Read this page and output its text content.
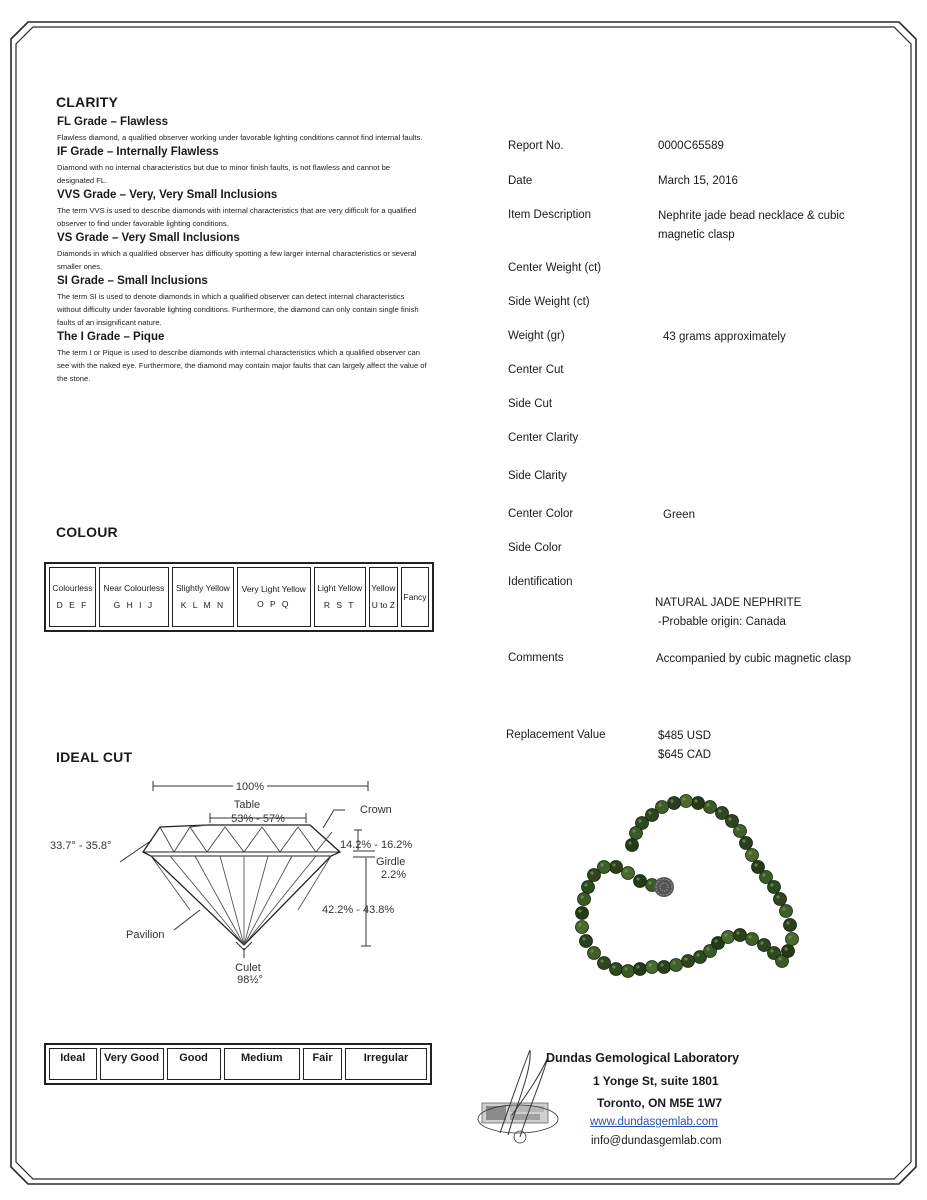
CLARITY
FL Grade – Flawless
Flawless diamond, a qualified observer working under favorable lighting conditions cannot find internal faults.
IF Grade – Internally Flawless
Diamond with no internal characteristics but due to minor finish faults, is not flawless and cannot be designated FL.
VVS Grade – Very, Very Small Inclusions
The term VVS is used to describe diamonds with internal characteristics that are very difficult for a qualified observer to find under favorable lighting conditions.
VS Grade – Very Small Inclusions
Diamonds in which a qualified observer has difficulty spotting a few larger internal characteristics or several smaller ones.
SI Grade – Small Inclusions
The term SI is used to denote diamonds in which a qualified observer can detect internal characteristics without difficulty under favorable lighting conditions. Furthermore, the diamond can only contain single finish faults of an insignificant nature.
The I Grade – Pique
The term I or Pique is used to describe diamonds with internal characteristics which a qualified observer can see with the naked eye. Furthermore, the diamond may contain major faults that can largely affect the value of the stone.
COLOUR
Colourless
D E F

Near Colourless
G H I J

Slightly Yellow
K L M N

Very Light Yellow
O P Q

Light Yellow
R S T

Yellow
U to Z

Fancy
IDEAL CUT
100%
Table
53% - 57%
Crown
33.7° - 35.8°	14.2% - 16.2%
Girdle
2.2%
42.2% - 43.8%
Pavilion
Culet
98½°
Ideal	Very Good	Good	Medium	Fair	Irregular
Report No.	0000C65589
Date	March 15, 2016
Item Description	Nephrite jade bead necklace & cubic magnetic clasp
Center Weight (ct)
Side Weight (ct)
Weight (gr)	43 grams approximately
Center Cut
Side Cut
Center Clarity
Side Clarity
Center Color	Green
Side Color
Identification
NATURAL JADE NEPHRITE
-Probable origin: Canada
Comments	Accompanied by cubic magnetic clasp
Replacement Value	$485 USD
$645 CAD
Dundas Gemological Laboratory
1 Yonge St, suite 1801
Toronto, ON M5E 1W7
www.dundasgemlab.com
info@dundasgemlab.com
